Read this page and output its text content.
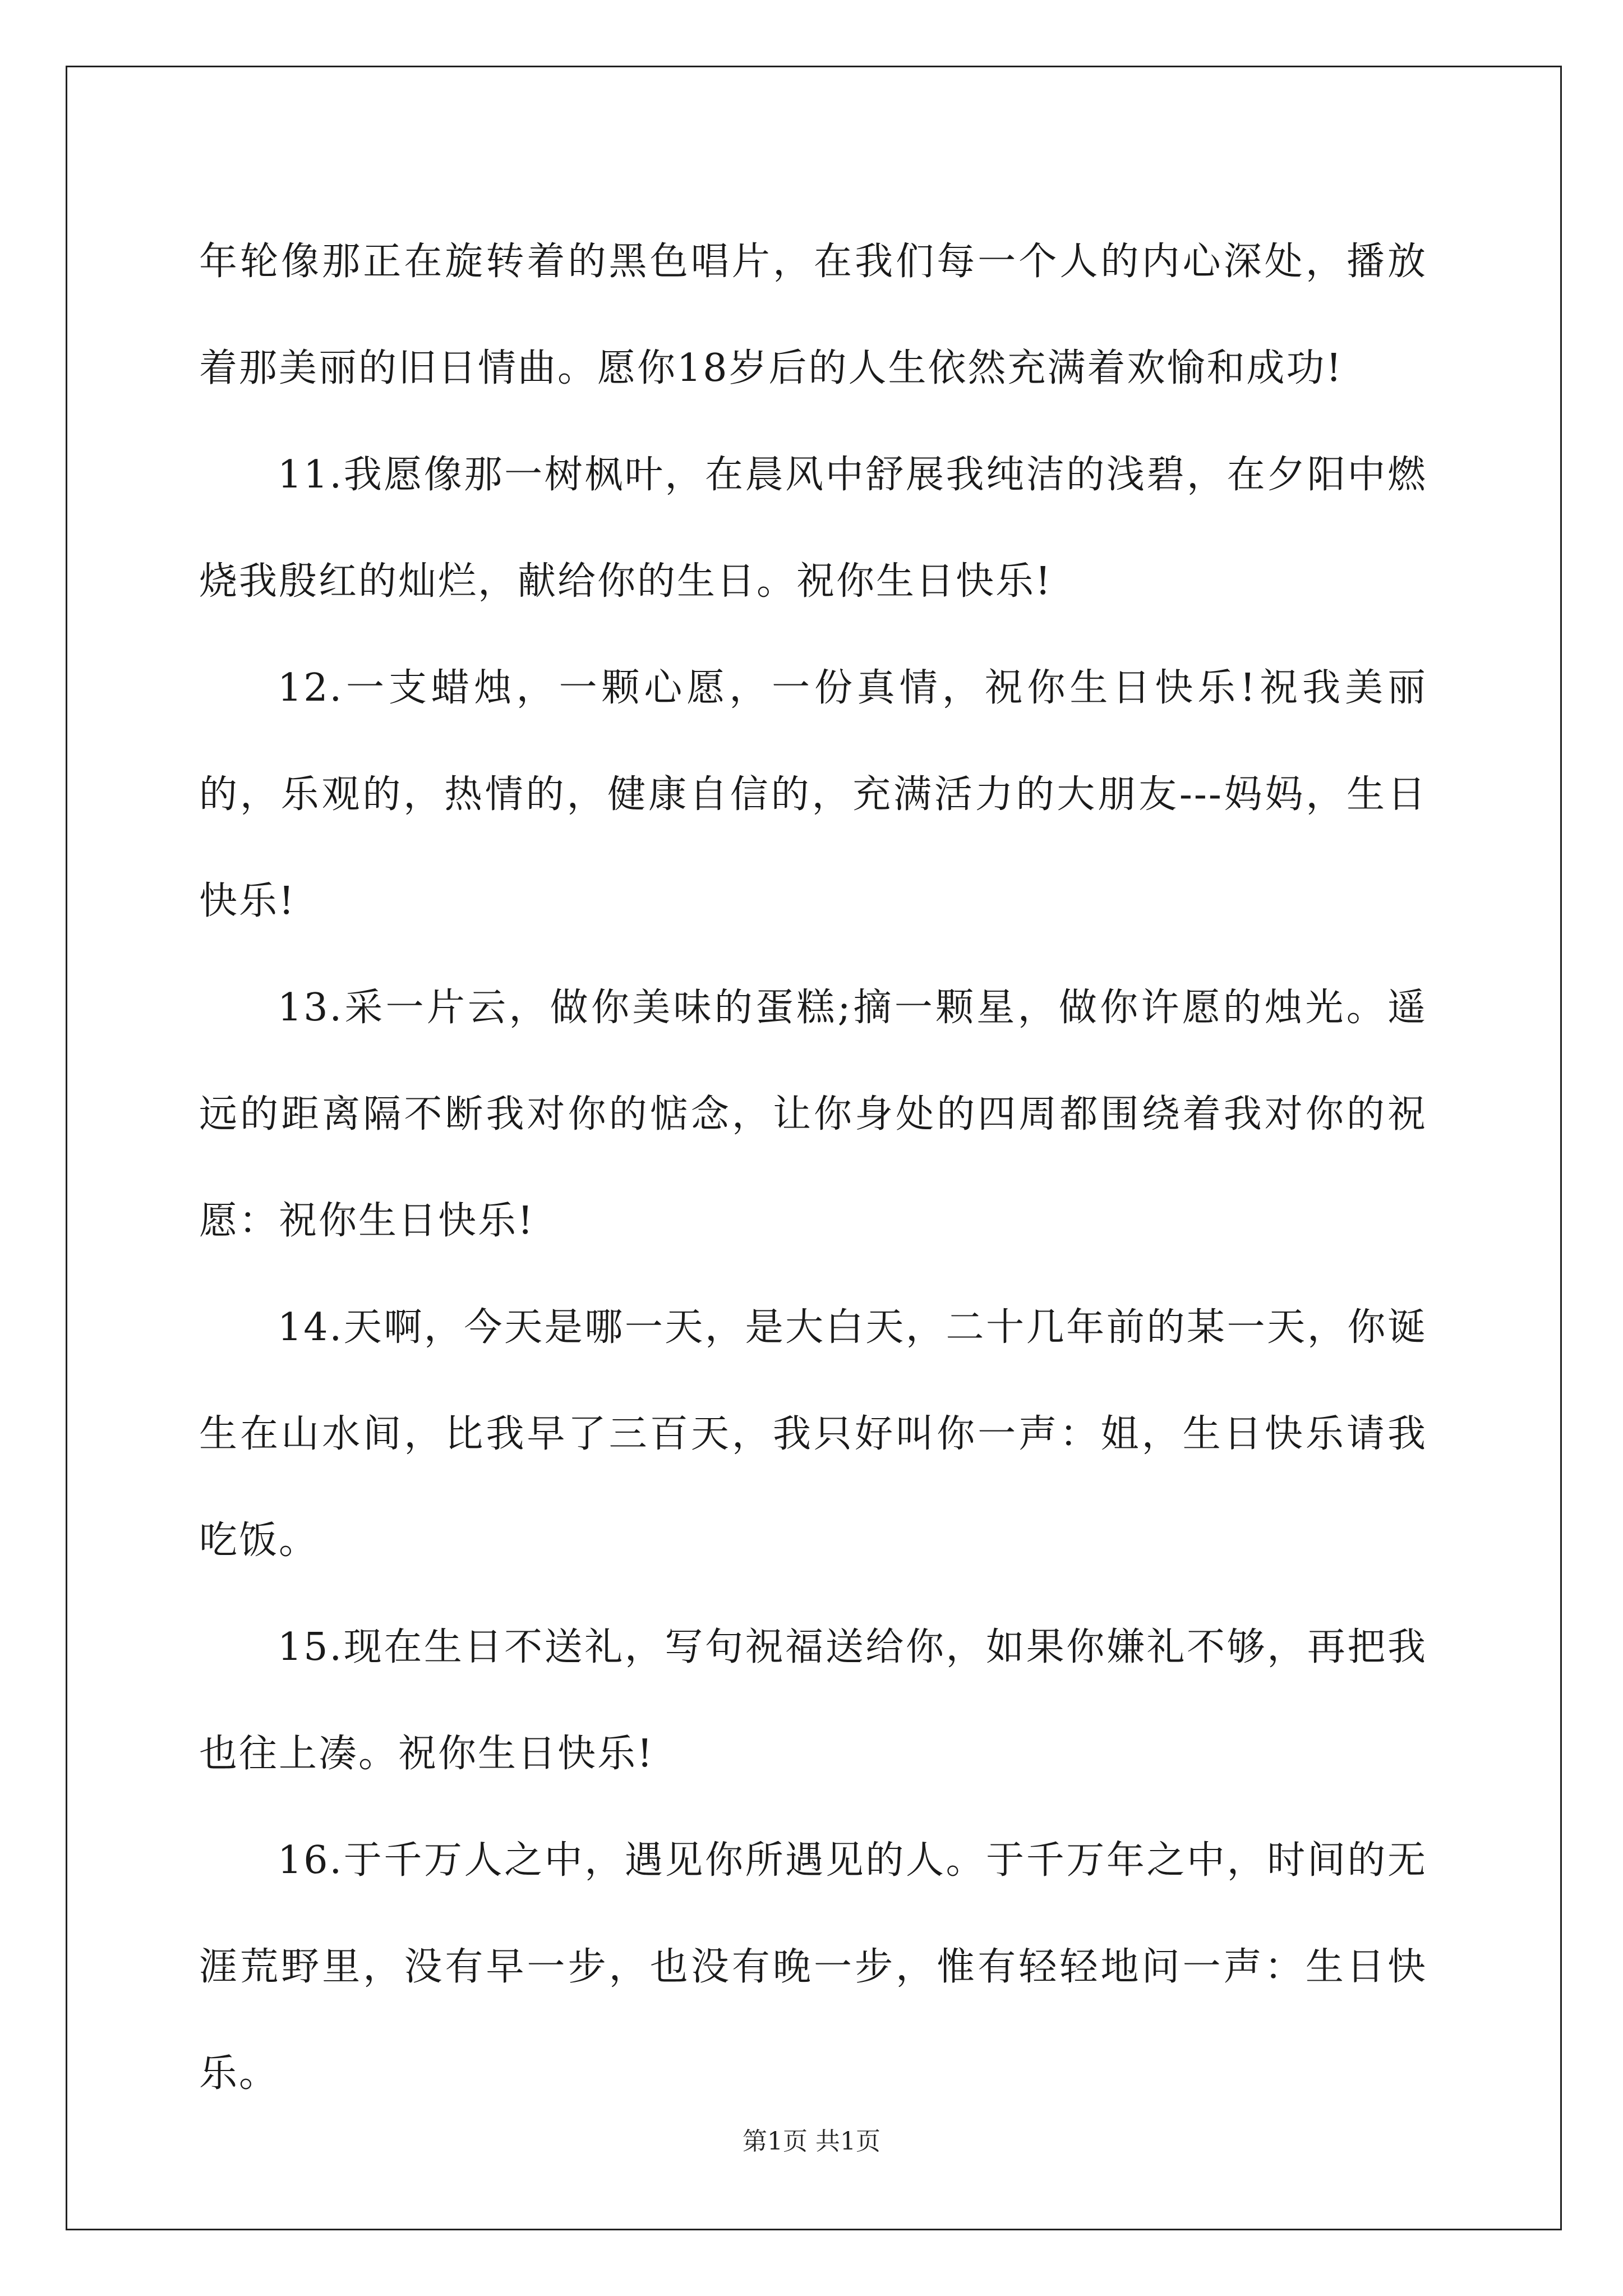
年轮像那正在旋转着的黑色唱片，在我们每一个人的内心深处，播放着那美丽的旧日情曲。愿你18岁后的人生依然充满着欢愉和成功!

11.我愿像那一树枫叶，在晨风中舒展我纯洁的浅碧，在夕阳中燃烧我殷红的灿烂，献给你的生日。祝你生日快乐!

12.一支蜡烛，一颗心愿，一份真情，祝你生日快乐!祝我美丽的，乐观的，热情的，健康自信的，充满活力的大朋友---妈妈，生日快乐!

13.采一片云，做你美味的蛋糕;摘一颗星，做你许愿的烛光。遥远的距离隔不断我对你的惦念，让你身处的四周都围绕着我对你的祝愿：祝你生日快乐!

14.天啊，今天是哪一天，是大白天，二十几年前的某一天，你诞生在山水间，比我早了三百天，我只好叫你一声：姐，生日快乐请我吃饭。

15.现在生日不送礼，写句祝福送给你，如果你嫌礼不够，再把我也往上凑。祝你生日快乐!

16.于千万人之中，遇见你所遇见的人。于千万年之中，时间的无涯荒野里，没有早一步，也没有晚一步，惟有轻轻地问一声：生日快乐。

第1页 共1页
